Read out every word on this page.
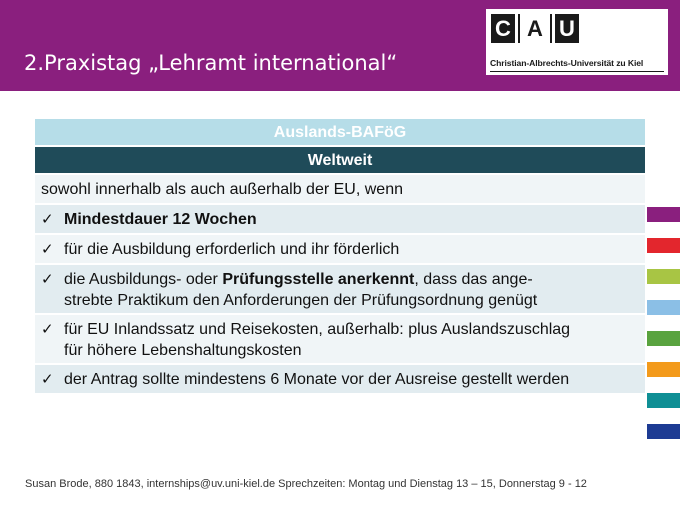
2.Praxistag „Lehramt international“
C A U
Christian-Albrechts-Universität zu Kiel
Auslands-BAFöG
Weltweit
sowohl innerhalb als auch außerhalb der EU, wenn
✓ Mindestdauer 12 Wochen
✓ für die Ausbildung erforderlich und ihr förderlich
✓ die Ausbildungs- oder Prüfungsstelle anerkennt, dass das ange-
strebte Praktikum den Anforderungen der Prüfungsordnung genügt
✓ für EU Inlandssatz und Reisekosten, außerhalb: plus Auslandszuschlag
für höhere Lebenshaltungskosten
✓ der Antrag sollte mindestens 6 Monate vor der Ausreise gestellt werden
Susan Brode, 880 1843, internships@uv.uni-kiel.de Sprechzeiten: Montag und Dienstag 13 – 15, Donnerstag 9 - 12
